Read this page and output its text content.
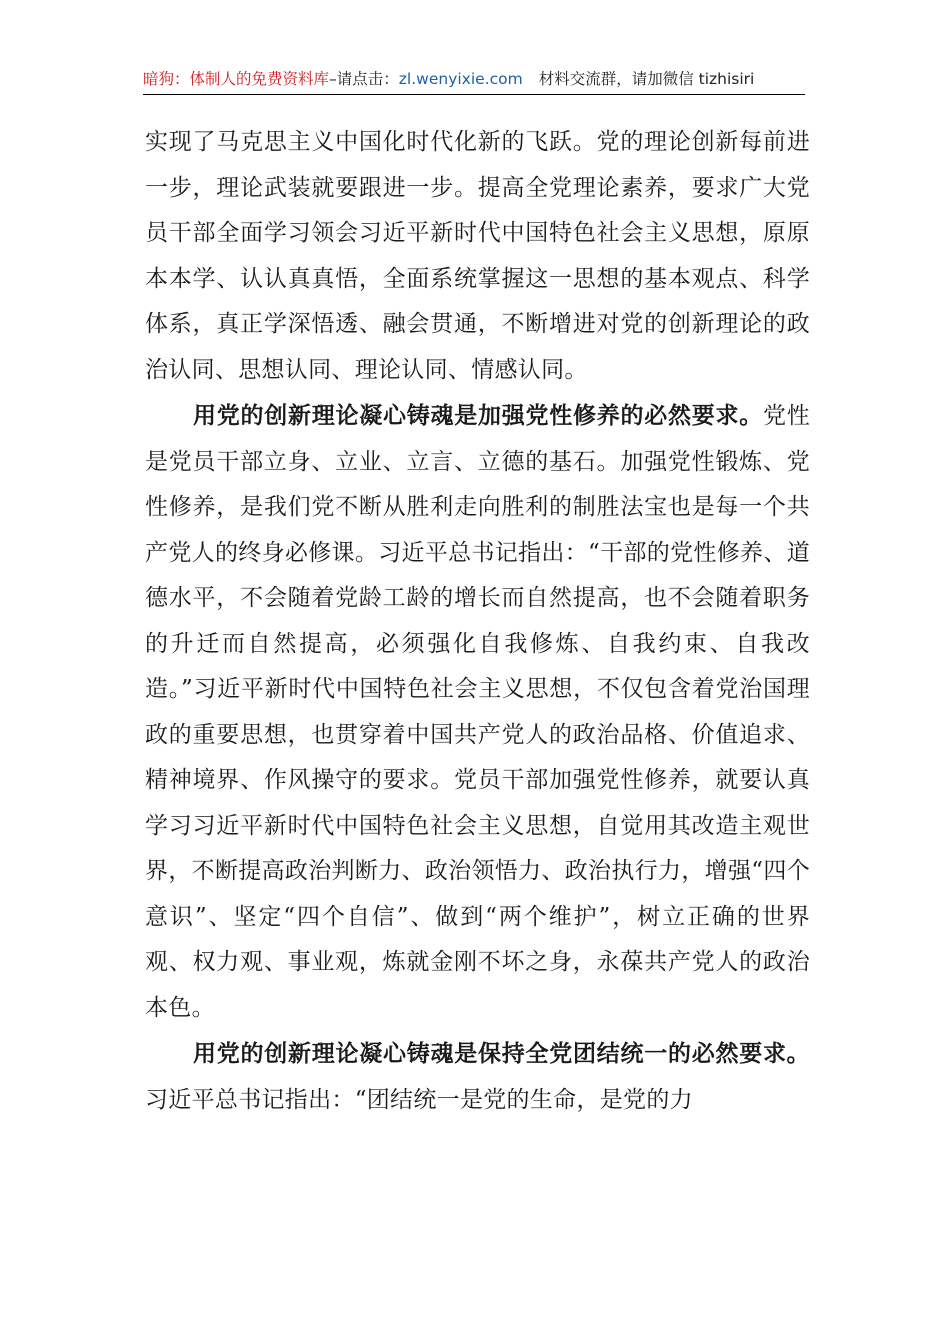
暗狗：体制人的免费资料库–请点击：zl.wenyixie.com 材料交流群，请加微信 tizhisiri

实现了马克思主义中国化时代化新的飞跃。党的理论创新每前进一步，理论武装就要跟进一步。提高全党理论素养，要求广大党员干部全面学习领会习近平新时代中国特色社会主义思想，原原本本学、认认真真悟，全面系统掌握这一思想的基本观点、科学体系，真正学深悟透、融会贯通，不断增进对党的创新理论的政治认同、思想认同、理论认同、情感认同。

用党的创新理论凝心铸魂是加强党性修养的必然要求。党性是党员干部立身、立业、立言、立德的基石。加强党性锻炼、党性修养，是我们党不断从胜利走向胜利的制胜法宝也是每一个共产党人的终身必修课。习近平总书记指出：“干部的党性修养、道德水平，不会随着党龄工龄的增长而自然提高，也不会随着职务的升迁而自然提高，必须强化自我修炼、自我约束、自我改造。”习近平新时代中国特色社会主义思想，不仅包含着党治国理政的重要思想，也贯穿着中国共产党人的政治品格、价值追求、精神境界、作风操守的要求。党员干部加强党性修养，就要认真学习习近平新时代中国特色社会主义思想，自觉用其改造主观世界，不断提高政治判断力、政治领悟力、政治执行力，增强“四个意识”、坚定“四个自信”、做到“两个维护”，树立正确的世界观、权力观、事业观，炼就金刚不坏之身，永葆共产党人的政治本色。

用党的创新理论凝心铸魂是保持全党团结统一的必然要求。习近平总书记指出：“团结统一是党的生命，是党的力
